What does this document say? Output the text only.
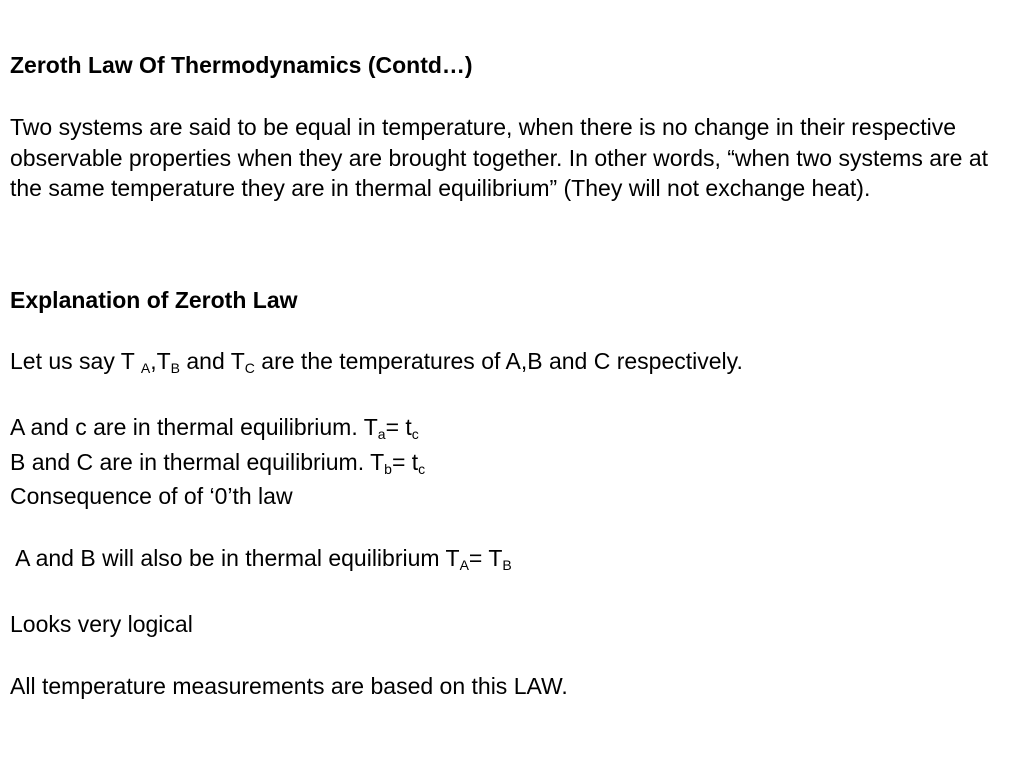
Zeroth Law Of Thermodynamics (Contd…)

Two systems are said to be equal in temperature, when there is no change in their respective observable properties when they are brought together. In other words, “when two systems are at the same temperature they are in thermal equilibrium” (They will not exchange heat).

Explanation of Zeroth Law

Let us say T $_A,T_B$ and $T_C$ are the temperatures of A,B and C respectively.

A and c are in thermal equilibrium. $T_a= t_c$

B and C are in thermal equilibrium. $T_b= t_c$

Consequence of of ‘0’th law

A and B will also be in thermal equilibrium $T_A= T_B$

Looks very logical

All temperature measurements are based on this LAW.
